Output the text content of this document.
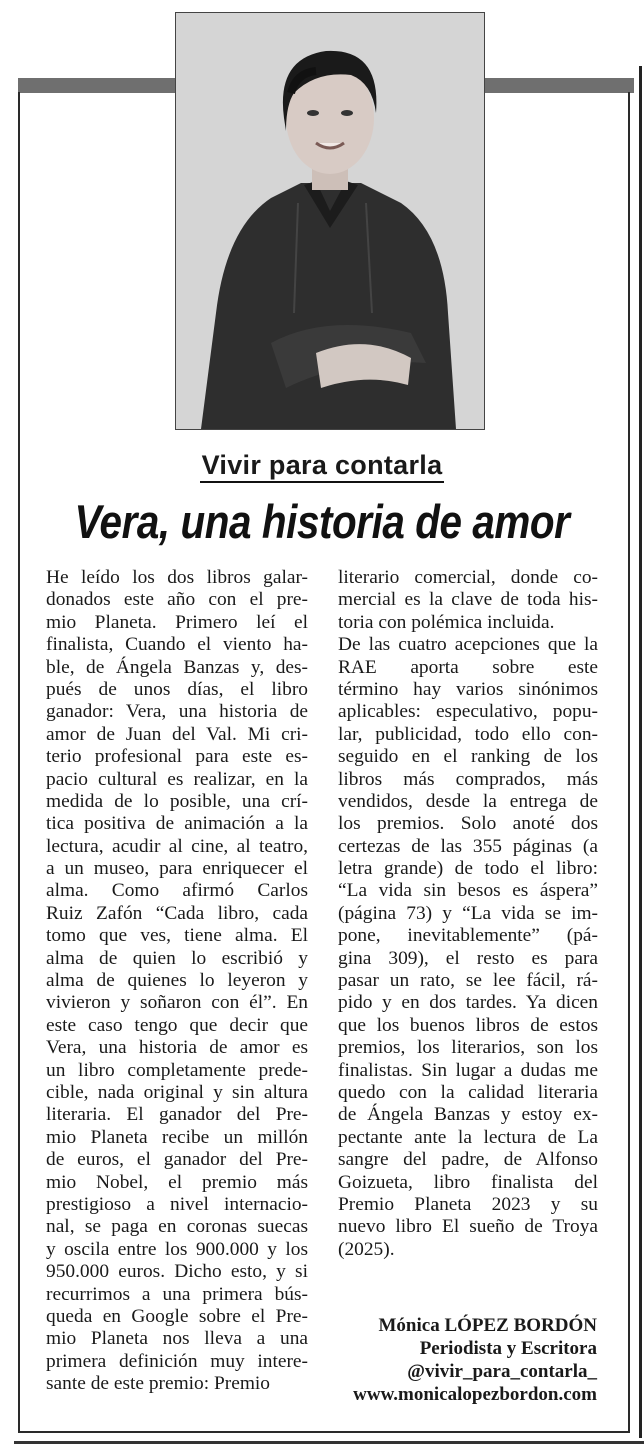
Vivir para contarla
Vera, una historia de amor
He leído los dos libros galar-
donados este año con el pre-
mio Planeta. Primero leí el
finalista, Cuando el viento ha-
ble, de Ángela Banzas y, des-
pués de unos días, el libro
ganador: Vera, una historia de
amor de Juan del Val. Mi cri-
terio profesional para este es-
pacio cultural es realizar, en la
medida de lo posible, una crí-
tica positiva de animación a la
lectura, acudir al cine, al teatro,
a un museo, para enriquecer el
alma. Como afirmó Carlos
Ruiz Zafón “Cada libro, cada
tomo que ves, tiene alma. El
alma de quien lo escribió y
alma de quienes lo leyeron y
vivieron y soñaron con él”. En
este caso tengo que decir que
Vera, una historia de amor es
un libro completamente prede-
cible, nada original y sin altura
literaria. El ganador del Pre-
mio Planeta recibe un millón
de euros, el ganador del Pre-
mio Nobel, el premio más
prestigioso a nivel internacio-
nal, se paga en coronas suecas
y oscila entre los 900.000 y los
950.000 euros. Dicho esto, y si
recurrimos a una primera bús-
queda en Google sobre el Pre-
mio Planeta nos lleva a una
primera definición muy intere-
sante de este premio: Premio
literario comercial, donde co-
mercial es la clave de toda his-
toria con polémica incluida.
De las cuatro acepciones que la
RAE aporta sobre este
término hay varios sinónimos
aplicables: especulativo, popu-
lar, publicidad, todo ello con-
seguido en el ranking de los
libros más comprados, más
vendidos, desde la entrega de
los premios. Solo anoté dos
certezas de las 355 páginas (a
letra grande) de todo el libro:
“La vida sin besos es áspera”
(página 73) y “La vida se im-
pone, inevitablemente” (pá-
gina 309), el resto es para
pasar un rato, se lee fácil, rá-
pido y en dos tardes. Ya dicen
que los buenos libros de estos
premios, los literarios, son los
finalistas. Sin lugar a dudas me
quedo con la calidad literaria
de Ángela Banzas y estoy ex-
pectante ante la lectura de La
sangre del padre, de Alfonso
Goizueta, libro finalista del
Premio Planeta 2023 y su
nuevo libro El sueño de Troya
(2025).
Mónica LÓPEZ BORDÓN
Periodista y Escritora
@vivir_para_contarla_
www.monicalopezbordon.com
